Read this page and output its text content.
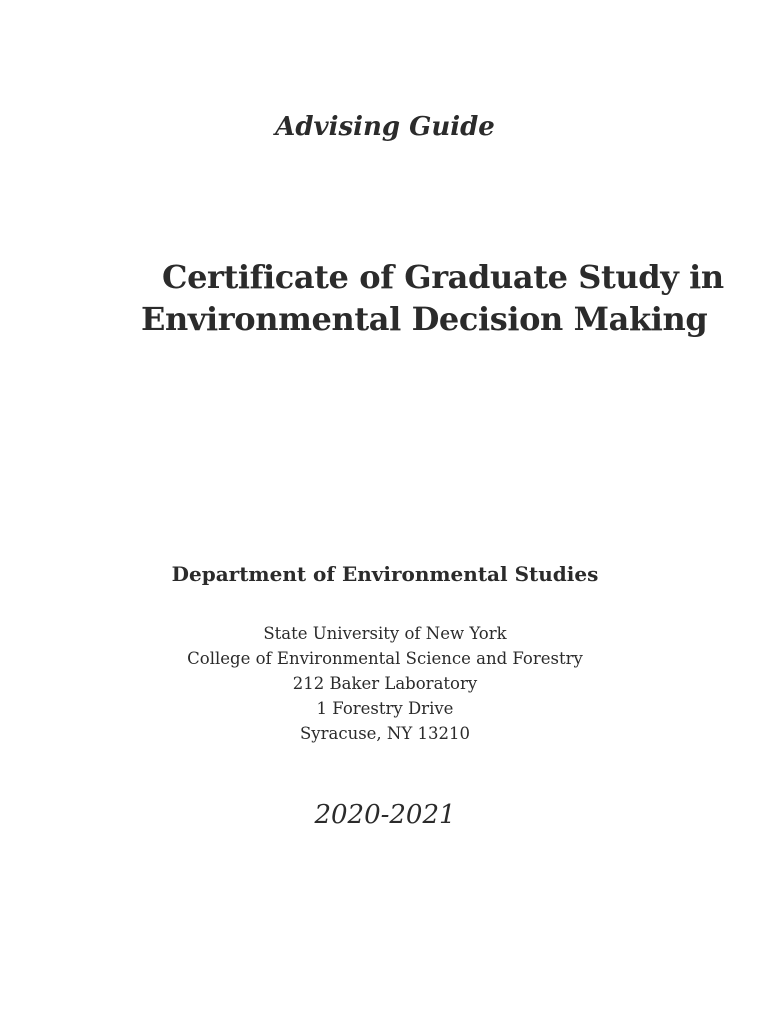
Advising Guide
Certificate of Graduate Study in
Environmental Decision Making
Department of Environmental Studies
State University of New York
College of Environmental Science and Forestry
212 Baker Laboratory
1 Forestry Drive
Syracuse, NY 13210
2020-2021
